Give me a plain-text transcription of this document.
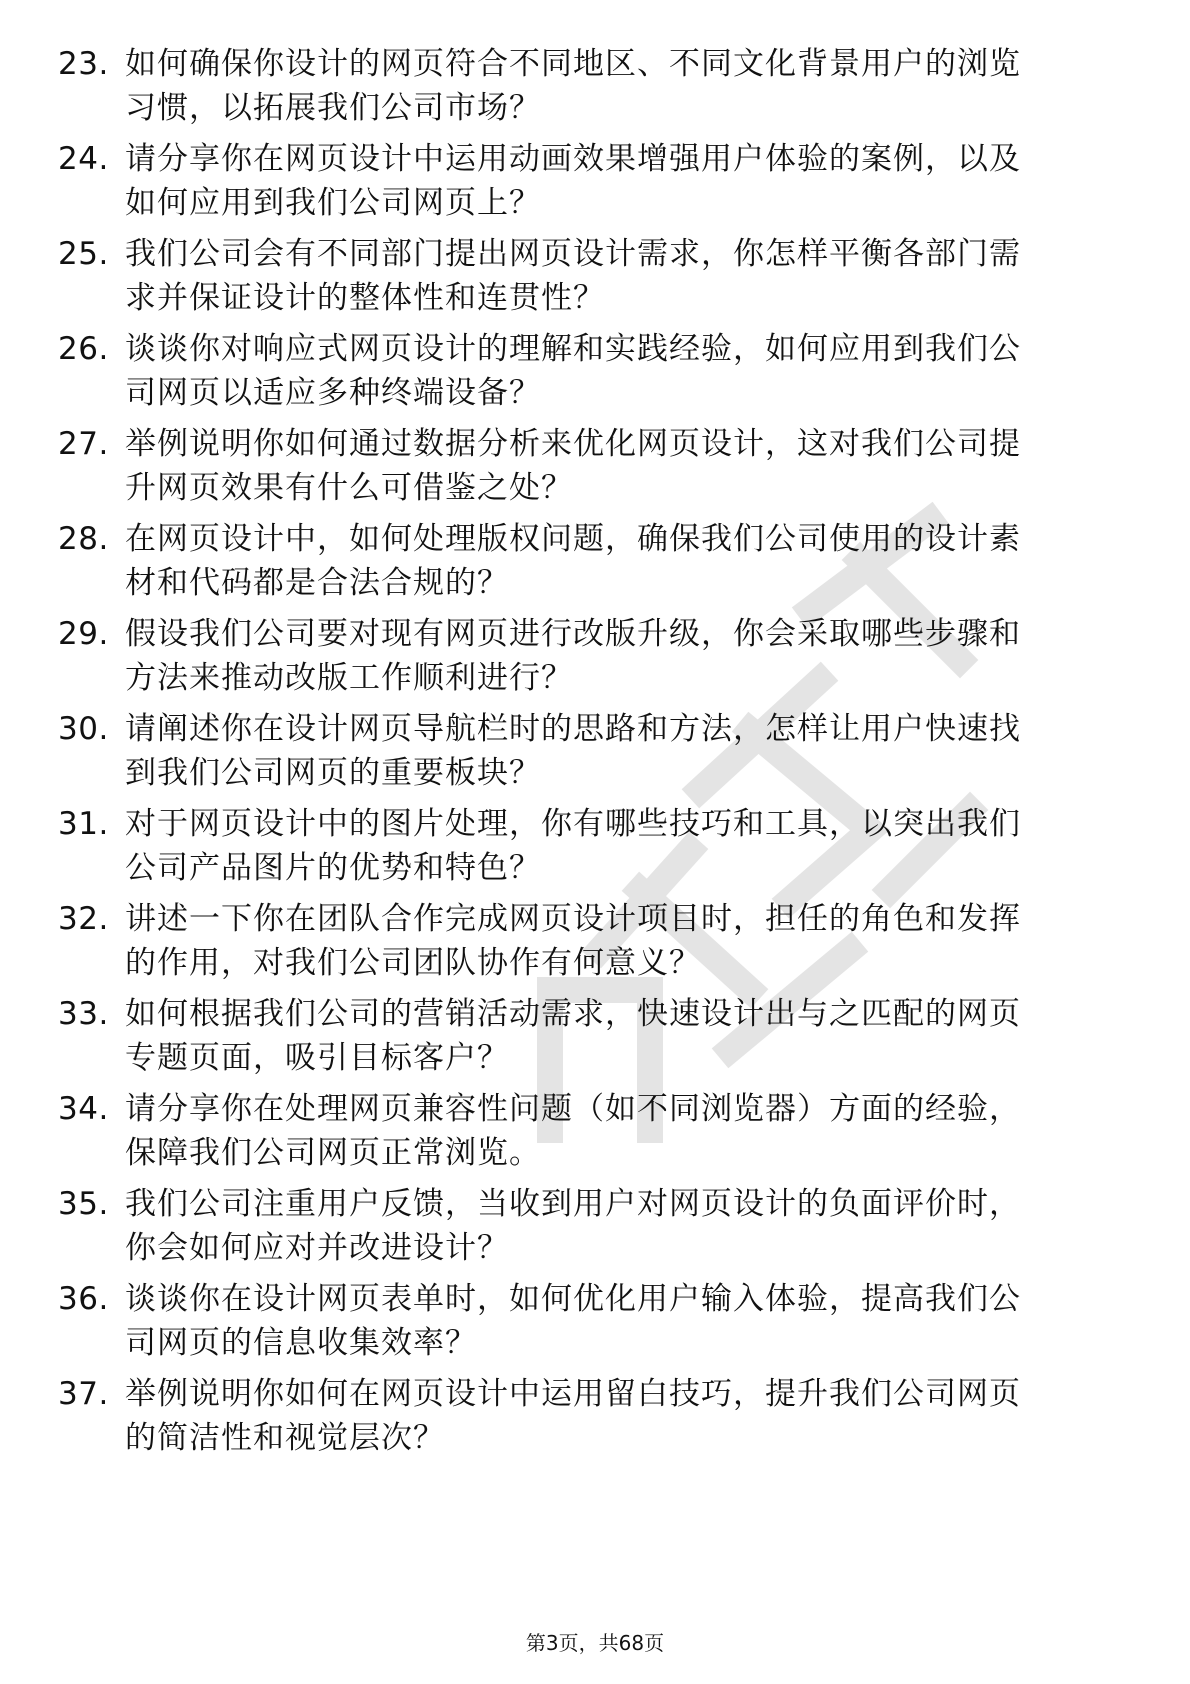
23. 如何确保你设计的网页符合不同地区、不同文化背景用户的浏览
习惯，以拓展我们公司市场？
24. 请分享你在网页设计中运用动画效果增强用户体验的案例，以及
如何应用到我们公司网页上？
25. 我们公司会有不同部门提出网页设计需求，你怎样平衡各部门需
求并保证设计的整体性和连贯性？
26. 谈谈你对响应式网页设计的理解和实践经验，如何应用到我们公
司网页以适应多种终端设备？
27. 举例说明你如何通过数据分析来优化网页设计，这对我们公司提
升网页效果有什么可借鉴之处？
28. 在网页设计中，如何处理版权问题，确保我们公司使用的设计素
材和代码都是合法合规的？
29. 假设我们公司要对现有网页进行改版升级，你会采取哪些步骤和
方法来推动改版工作顺利进行？
30. 请阐述你在设计网页导航栏时的思路和方法，怎样让用户快速找
到我们公司网页的重要板块？
31. 对于网页设计中的图片处理，你有哪些技巧和工具，以突出我们
公司产品图片的优势和特色？
32. 讲述一下你在团队合作完成网页设计项目时，担任的角色和发挥
的作用，对我们公司团队协作有何意义？
33. 如何根据我们公司的营销活动需求，快速设计出与之匹配的网页
专题页面，吸引目标客户？
34. 请分享你在处理网页兼容性问题（如不同浏览器）方面的经验，
保障我们公司网页正常浏览。
35. 我们公司注重用户反馈，当收到用户对网页设计的负面评价时，
你会如何应对并改进设计？
36. 谈谈你在设计网页表单时，如何优化用户输入体验，提高我们公
司网页的信息收集效率？
37. 举例说明你如何在网页设计中运用留白技巧，提升我们公司网页
的简洁性和视觉层次？
第3页，共68页
